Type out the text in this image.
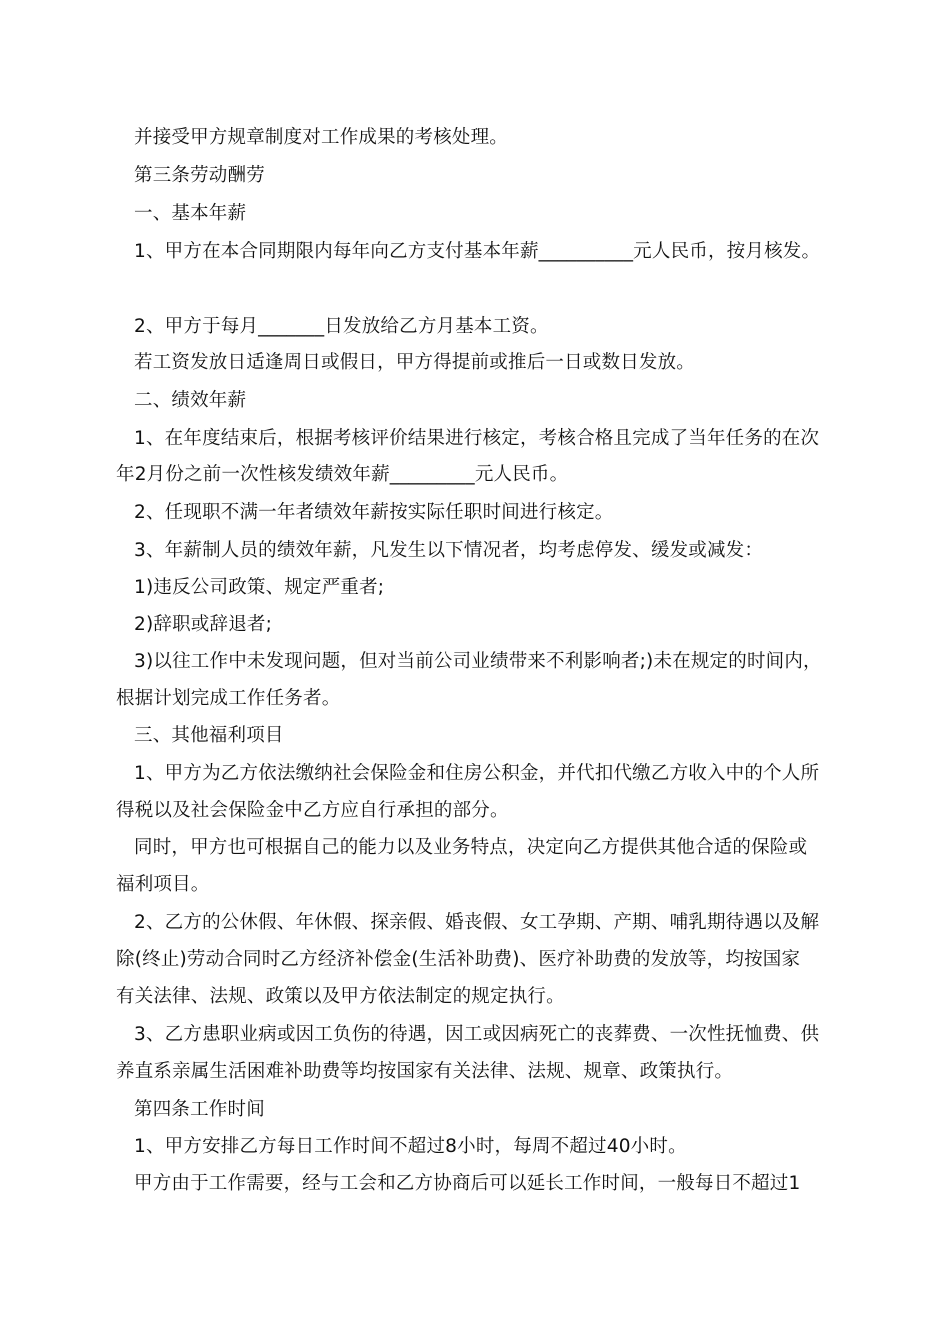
并接受甲方规章制度对工作成果的考核处理。
第三条劳动酬劳
一、基本年薪
1、甲方在本合同期限内每年向乙方支付基本年薪__________元人民币，按月核发。
2、甲方于每月_______日发放给乙方月基本工资。
若工资发放日适逢周日或假日，甲方得提前或推后一日或数日发放。
二、绩效年薪
1、在年度结束后，根据考核评价结果进行核定，考核合格且完成了当年任务的在次
年2月份之前一次性核发绩效年薪_________元人民币。
2、任现职不满一年者绩效年薪按实际任职时间进行核定。
3、年薪制人员的绩效年薪，凡发生以下情况者，均考虑停发、缓发或减发：
1)违反公司政策、规定严重者;
2)辞职或辞退者;
3)以往工作中未发现问题，但对当前公司业绩带来不利影响者;)未在规定的时间内，
根据计划完成工作任务者。
三、其他福利项目
1、甲方为乙方依法缴纳社会保险金和住房公积金，并代扣代缴乙方收入中的个人所
得税以及社会保险金中乙方应自行承担的部分。
同时，甲方也可根据自己的能力以及业务特点，决定向乙方提供其他合适的保险或
福利项目。
2、乙方的公休假、年休假、探亲假、婚丧假、女工孕期、产期、哺乳期待遇以及解
除(终止)劳动合同时乙方经济补偿金(生活补助费)、医疗补助费的发放等，均按国家
有关法律、法规、政策以及甲方依法制定的规定执行。
3、乙方患职业病或因工负伤的待遇，因工或因病死亡的丧葬费、一次性抚恤费、供
养直系亲属生活困难补助费等均按国家有关法律、法规、规章、政策执行。
第四条工作时间
1、甲方安排乙方每日工作时间不超过8小时，每周不超过40小时。
甲方由于工作需要，经与工会和乙方协商后可以延长工作时间，一般每日不超过1
